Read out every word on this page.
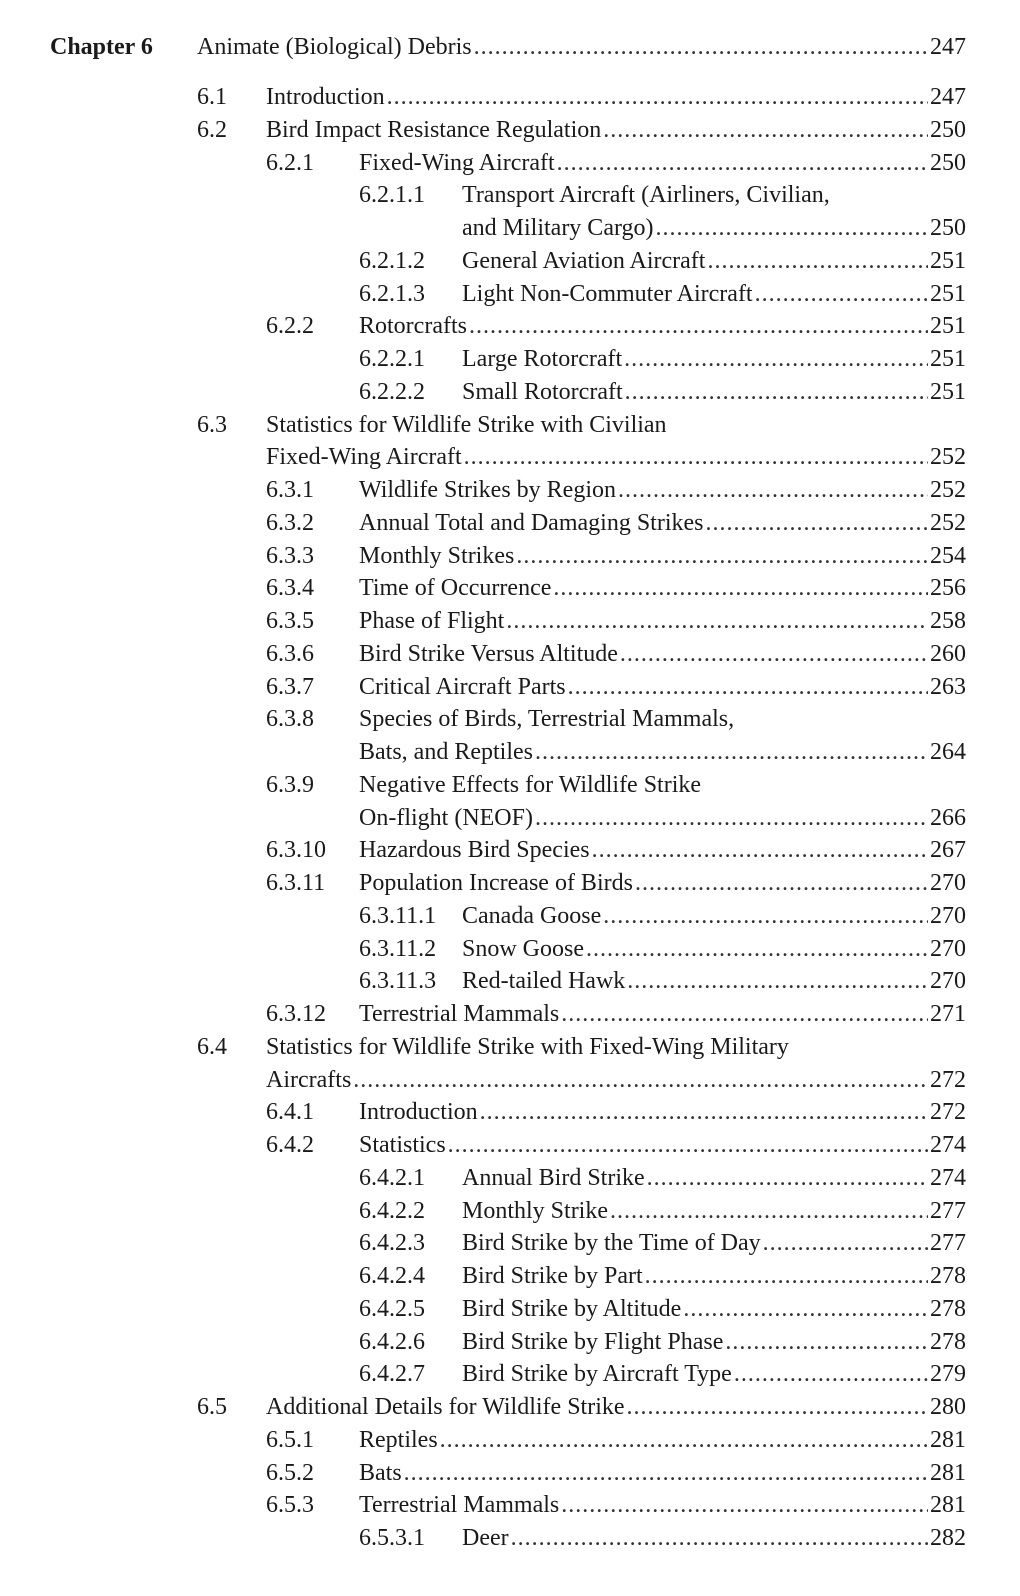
Chapter 6 Animate (Biological) Debris .....	247
6.1 Introduction .....	247
6.2 Bird Impact Resistance Regulation .....	250
6.2.1 Fixed-Wing Aircraft .....	250
6.2.1.1 Transport Aircraft (Airliners, Civilian,
and Military Cargo) .....	250
6.2.1.2 General Aviation Aircraft .....	251
6.2.1.3 Light Non-Commuter Aircraft .....	251
6.2.2 Rotorcrafts .....	251
6.2.2.1 Large Rotorcraft .....	251
6.2.2.2 Small Rotorcraft .....	251
6.3 Statistics for Wildlife Strike with Civilian
Fixed-Wing Aircraft .....	252
6.3.1 Wildlife Strikes by Region .....	252
6.3.2 Annual Total and Damaging Strikes .....	252
6.3.3 Monthly Strikes .....	254
6.3.4 Time of Occurrence .....	256
6.3.5 Phase of Flight .....	258
6.3.6 Bird Strike Versus Altitude .....	260
6.3.7 Critical Aircraft Parts .....	263
6.3.8 Species of Birds, Terrestrial Mammals,
Bats, and Reptiles .....	264
6.3.9 Negative Effects for Wildlife Strike
On-flight (NEOF) .....	266
6.3.10 Hazardous Bird Species .....	267
6.3.11 Population Increase of Birds .....	270
6.3.11.1 Canada Goose .....	270
6.3.11.2 Snow Goose .....	270
6.3.11.3 Red-tailed Hawk .....	270
6.3.12 Terrestrial Mammals .....	271
6.4 Statistics for Wildlife Strike with Fixed-Wing Military
Aircrafts .....	272
6.4.1 Introduction .....	272
6.4.2 Statistics .....	274
6.4.2.1 Annual Bird Strike .....	274
6.4.2.2 Monthly Strike .....	277
6.4.2.3 Bird Strike by the Time of Day .....	277
6.4.2.4 Bird Strike by Part .....	278
6.4.2.5 Bird Strike by Altitude .....	278
6.4.2.6 Bird Strike by Flight Phase .....	278
6.4.2.7 Bird Strike by Aircraft Type .....	279
6.5 Additional Details for Wildlife Strike .....	280
6.5.1 Reptiles .....	281
6.5.2 Bats .....	281
6.5.3 Terrestrial Mammals .....	281
6.5.3.1 Deer .....	282
